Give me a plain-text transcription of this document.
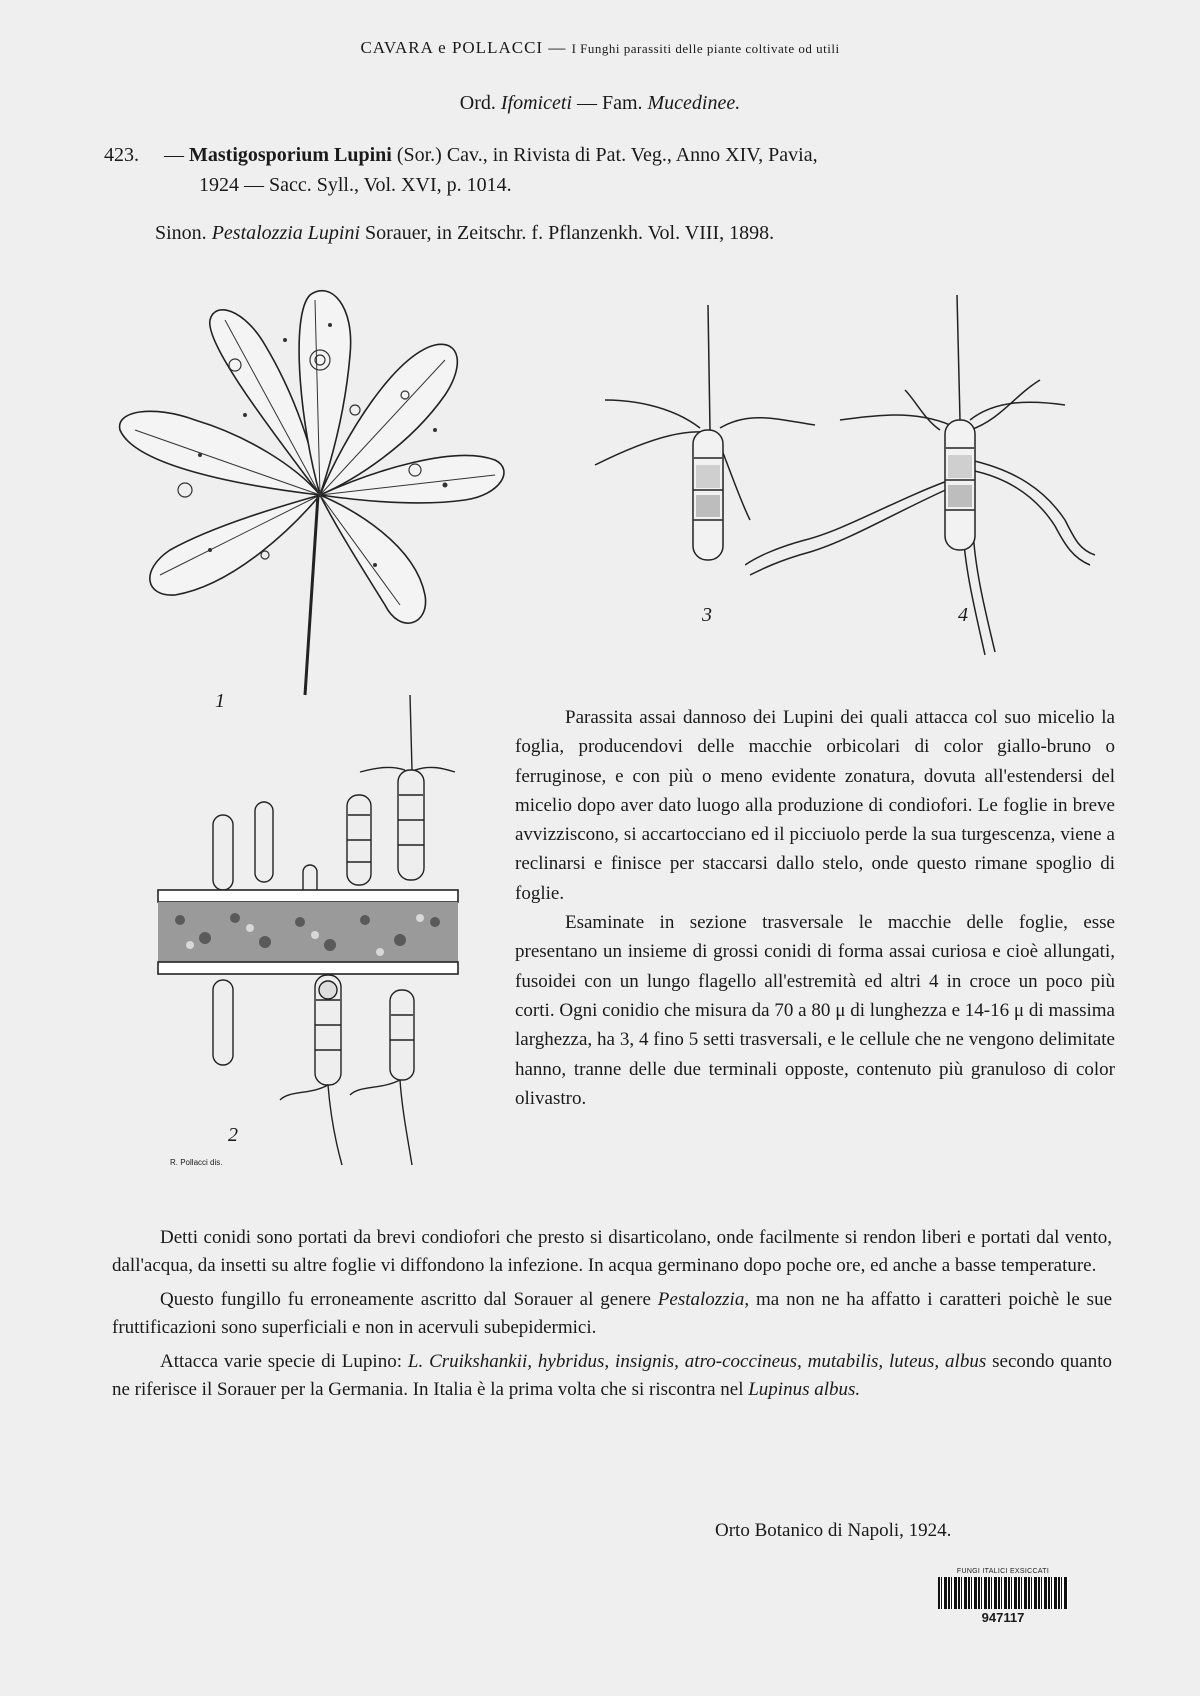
CAVARA e POLLACCI — I Funghi parassiti delle piante coltivate od utili
Ord. Ifomiceti — Fam. Mucedinee.
423. — Mastigosporium Lupini (Sor.) Cav., in Rivista di Pat. Veg., Anno XIV, Pavia,
1924 — Sacc. Syll., Vol. XVI, p. 1014.
Sinon. Pestalozzia Lupini Sorauer, in Zeitschr. f. Pflanzenkh. Vol. VIII, 1898.
1
3	4
2
R. Pollacci dis.

Parassita assai dannoso dei Lupini dei quali attacca col suo micelio la foglia, producendovi delle macchie orbicolari di color giallo-bruno o ferruginose, e con più o meno evidente zonatura, dovuta all'estendersi del micelio dopo aver dato luogo alla produzione di condiofori. Le foglie in breve avvizziscono, si accartocciano ed il picciuolo perde la sua turgescenza, viene a reclinarsi e finisce per staccarsi dallo stelo, onde questo rimane spoglio di foglie.

Esaminate in sezione trasversale le macchie delle foglie, esse presentano un insieme di grossi conidi di forma assai curiosa e cioè allungati, fusoidei con un lungo flagello all'estremità ed altri 4 in croce un poco più corti. Ogni conidio che misura da 70 a 80 μ di lunghezza e 14-16 μ di massima larghezza, ha 3, 4 fino 5 setti trasversali, e le cellule che ne vengono delimitate hanno, tranne delle due terminali opposte, contenuto più granuloso di color olivastro.

Detti conidi sono portati da brevi condiofori che presto si disarticolano, onde facilmente si rendon liberi e portati dal vento, dall'acqua, da insetti su altre foglie vi diffondono la infezione. In acqua germinano dopo poche ore, ed anche a basse temperature.

Questo fungillo fu erroneamente ascritto dal Sorauer al genere Pestalozzia, ma non ne ha affatto i caratteri poichè le sue fruttificazioni sono superficiali e non in acervuli subepidermici.

Attacca varie specie di Lupino: L. Cruikshankii, hybridus, insignis, atro-coccineus, mutabilis, luteus, albus secondo quanto ne riferisce il Sorauer per la Germania. In Italia è la prima volta che si riscontra nel Lupinus albus.

Orto Botanico di Napoli, 1924.
FUNGI ITALICI EXSICCATI
947117
